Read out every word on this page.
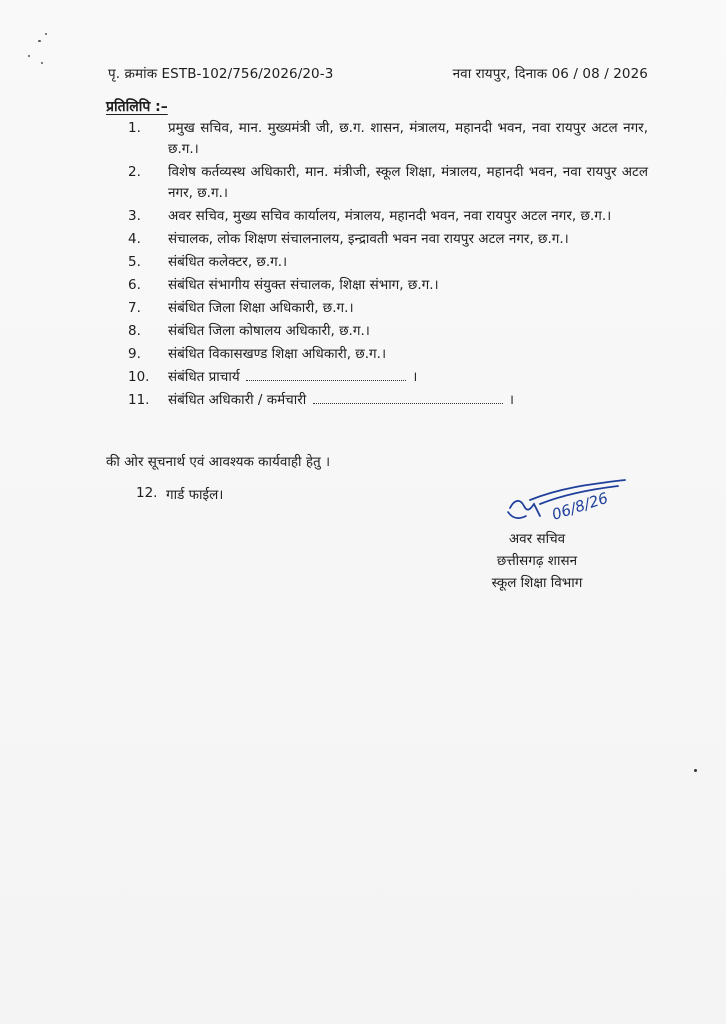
पृ. क्रमांक ESTB-102/756/2026/20-3	नवा रायपुर, दिनाक 06 / 08 / 2026
प्रतिलिपि :–
1.	प्रमुख सचिव, मान. मुख्यमंत्री जी, छ.ग. शासन, मंत्रालय, महानदी भवन, नवा रायपुर अटल नगर, छ.ग.।
2.	विशेष कर्तव्यस्थ अधिकारी, मान. मंत्रीजी, स्कूल शिक्षा, मंत्रालय, महानदी भवन, नवा रायपुर अटल नगर, छ.ग.।
3.	अवर सचिव, मुख्य सचिव कार्यालय, मंत्रालय, महानदी भवन, नवा रायपुर अटल नगर, छ.ग.।
4.	संचालक, लोक शिक्षण संचालनालय, इन्द्रावती भवन नवा रायपुर अटल नगर, छ.ग.।
5.	संबंधित कलेक्टर, छ.ग.।
6.	संबंधित संभागीय संयुक्त संचालक, शिक्षा संभाग, छ.ग.।
7.	संबंधित जिला शिक्षा अधिकारी, छ.ग.।
8.	संबंधित जिला कोषालय अधिकारी, छ.ग.।
9.	संबंधित विकासखण्ड शिक्षा अधिकारी, छ.ग.।
10.	संबंधित प्राचार्य	।
11.	संबंधित अधिकारी / कर्मचारी	।
की ओर सूचनार्थ एवं आवश्यक कार्यवाही हेतु ।
12. गार्ड फाईल।	06/8/26
अवर सचिव
छत्तीसगढ़ शासन
स्कूल शिक्षा विभाग
